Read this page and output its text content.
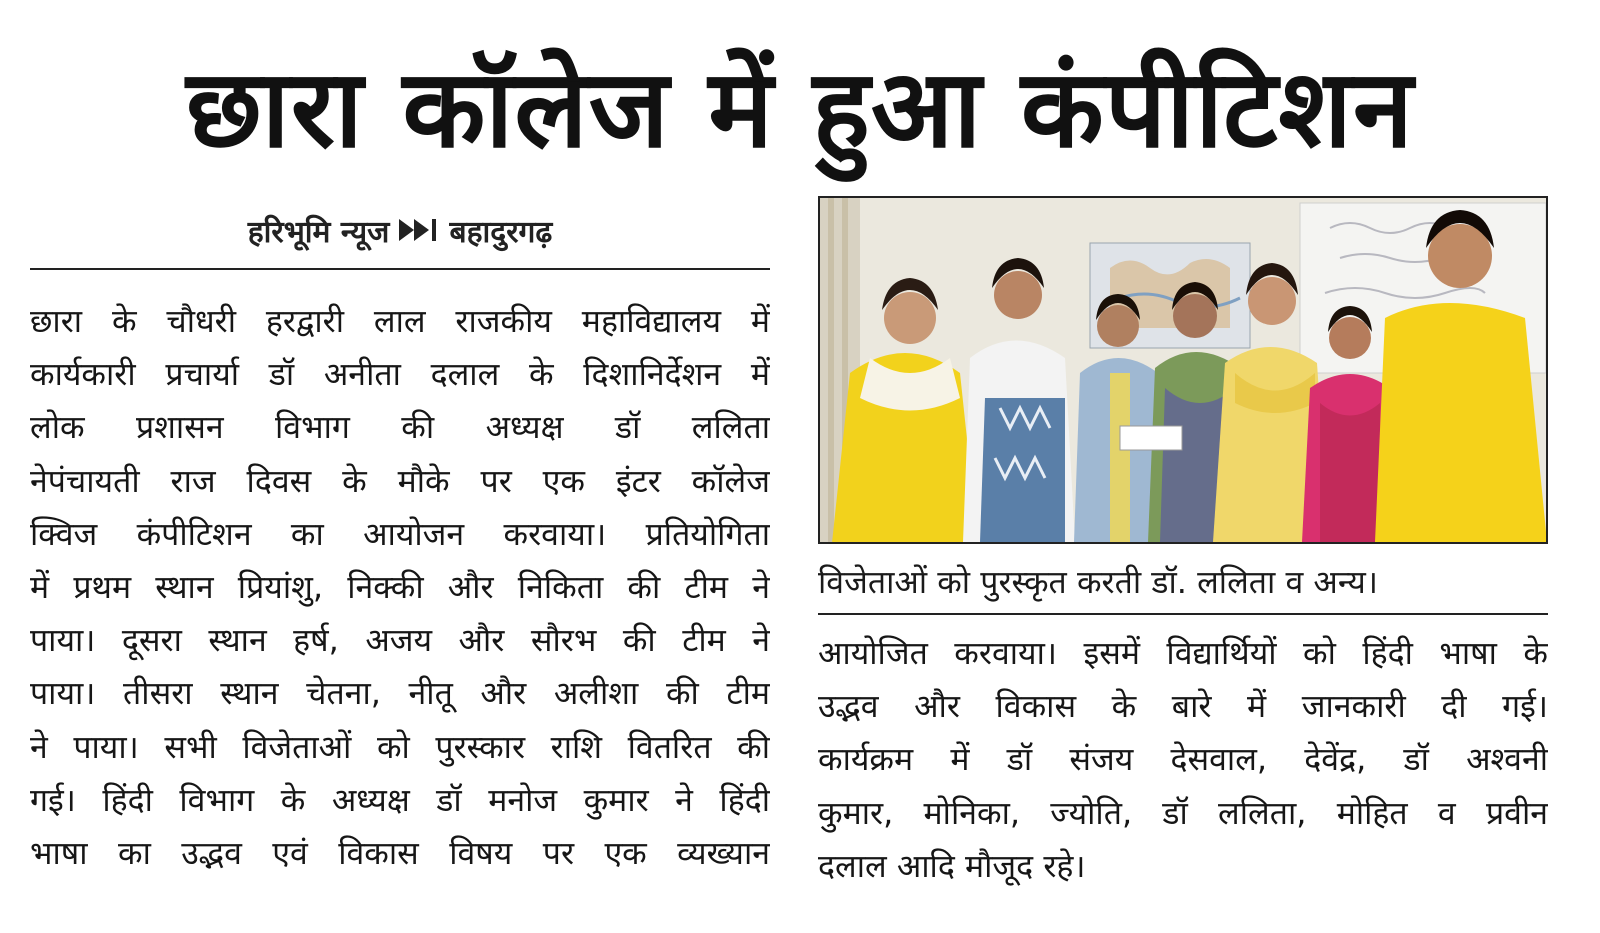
छारा कॉलेज में हुआ कंपीटिशन
हरिभूमि न्यूज बहादुरगढ़
छारा के चौधरी हरद्वारी लाल राजकीय महाविद्यालय में
कार्यकारी प्रचार्या डॉ अनीता दलाल के दिशानिर्देशन में
लोक प्रशासन विभाग की अध्यक्ष डॉ ललिता
नेपंचायती राज दिवस के मौके पर एक इंटर कॉलेज
क्विज कंपीटिशन का आयोजन करवाया। प्रतियोगिता
में प्रथम स्थान प्रियांशु, निक्की और निकिता की टीम ने
पाया। दूसरा स्थान हर्ष, अजय और सौरभ की टीम ने
पाया। तीसरा स्थान चेतना, नीतू और अलीशा की टीम
ने पाया। सभी विजेताओं को पुरस्कार राशि वितरित की
गई। हिंदी विभाग के अध्यक्ष डॉ मनोज कुमार ने हिंदी
भाषा का उद्भव एवं विकास विषय पर एक व्यख्यान
विजेताओं को पुरस्कृत करती डॉ. ललिता व अन्य।
आयोजित करवाया। इसमें विद्यार्थियों को हिंदी भाषा के
उद्भव और विकास के बारे में जानकारी दी गई।
कार्यक्रम में डॉ संजय देसवाल, देवेंद्र, डॉ अश्वनी
कुमार, मोनिका, ज्योति, डॉ ललिता, मोहित व प्रवीन
दलाल आदि मौजूद रहे।
